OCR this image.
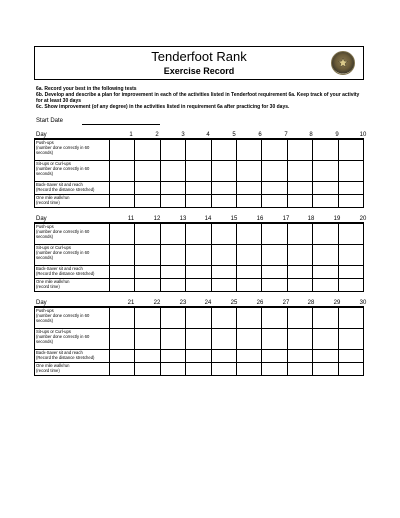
Tenderfoot Rank
Exercise Record
6a. Record your best in the following tests
6b. Develop and describe a plan for improvement in each of the activities listed in Tenderfoot requirement 6a. Keep track of your activity for at least 30 days
6c. Show improvement (of any degree) in the activities listed in requirement 6a after practicing for 30 days.
Start Date
Day	1	2	3	4	5	6	7	8	9	10
Push-ups
(number done correctly in 60
seconds)										

Sit-ups or Curl-ups
(number done correctly in 60
seconds)										

Back-Saver sit and reach
(Record the distance stretched)										

One mile walk/run
(record time)										

Day	11	12	13	14	15	16	17	18	19	20
Push-ups
(number done correctly in 60
seconds)										

Sit-ups or Curl-ups
(number done correctly in 60
seconds)										

Back-Saver sit and reach
(Record the distance stretched)										

One mile walk/run
(record time)										

Day	21	22	23	24	25	26	27	28	29	30
Push-ups
(number done correctly in 60
seconds)										

Sit-ups or Curl-ups
(number done correctly in 60
seconds)										

Back-Saver sit and reach
(Record the distance stretched)										

One mile walk/run
(record time)										
